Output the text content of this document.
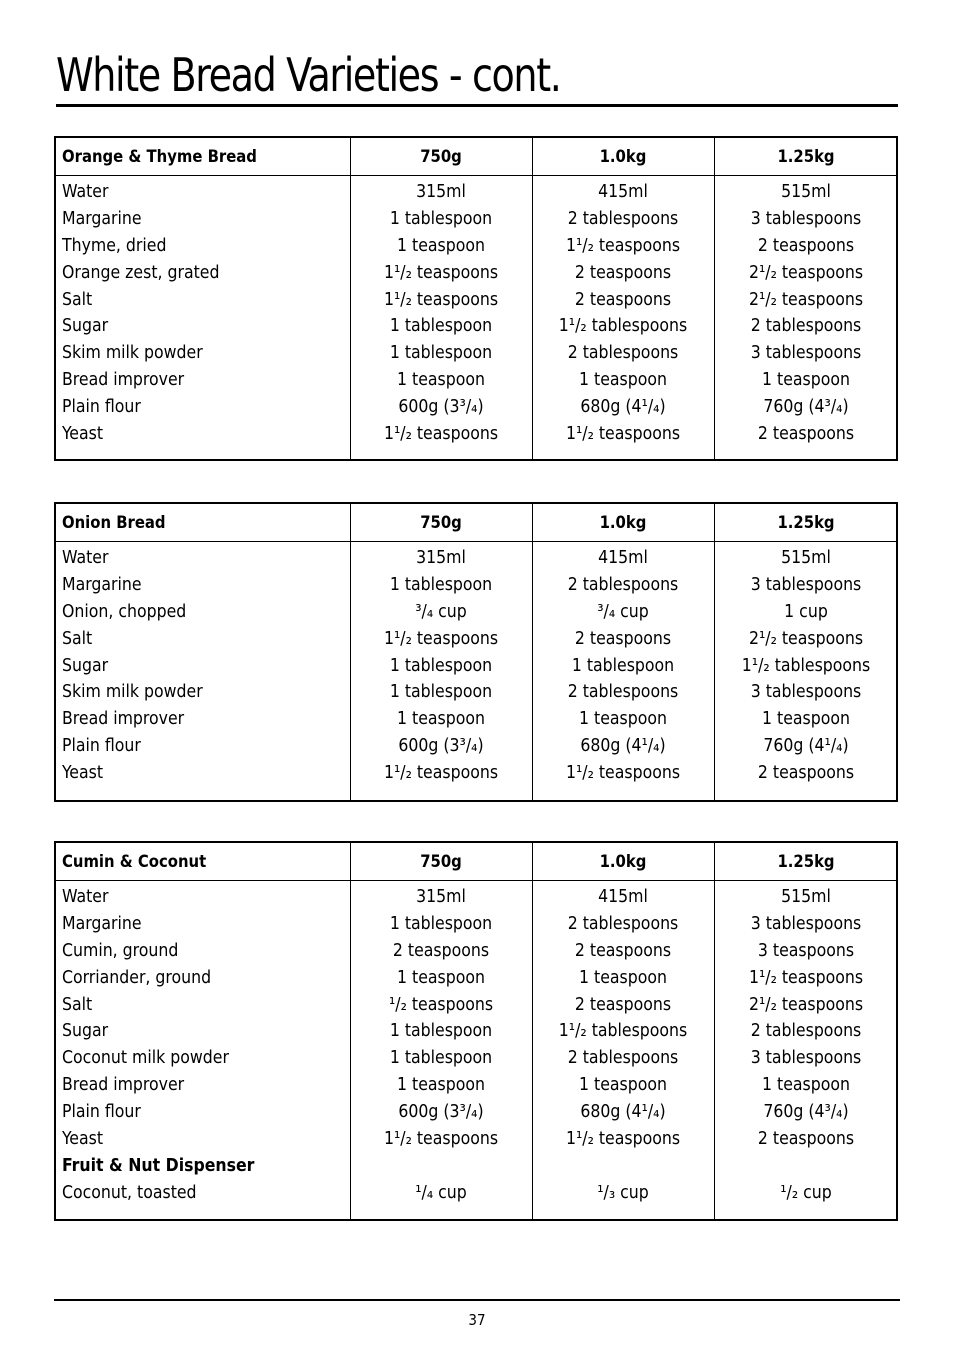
White Bread Varieties - cont.
Orange & Thyme Bread	750g	1.0kg	1.25kg
Water	315ml	415ml	515ml
Margarine	1 tablespoon	2 tablespoons	3 tablespoons
Thyme, dried	1 teaspoon	1¹/₂ teaspoons	2 teaspoons
Orange zest, grated	1¹/₂ teaspoons	2 teaspoons	2¹/₂ teaspoons
Salt	1¹/₂ teaspoons	2 teaspoons	2¹/₂ teaspoons
Sugar	1 tablespoon	1¹/₂ tablespoons	2 tablespoons
Skim milk powder	1 tablespoon	2 tablespoons	3 tablespoons
Bread improver	1 teaspoon	1 teaspoon	1 teaspoon
Plain flour	600g (3³/₄)	680g (4¹/₄)	760g (4³/₄)
Yeast	1¹/₂ teaspoons	1¹/₂ teaspoons	2 teaspoons
Onion Bread	750g	1.0kg	1.25kg
Water	315ml	415ml	515ml
Margarine	1 tablespoon	2 tablespoons	3 tablespoons
Onion, chopped	³/₄ cup	³/₄ cup	1 cup
Salt	1¹/₂ teaspoons	2 teaspoons	2¹/₂ teaspoons
Sugar	1 tablespoon	1 tablespoon	1¹/₂ tablespoons
Skim milk powder	1 tablespoon	2 tablespoons	3 tablespoons
Bread improver	1 teaspoon	1 teaspoon	1 teaspoon
Plain flour	600g (3³/₄)	680g (4¹/₄)	760g (4¹/₄)
Yeast	1¹/₂ teaspoons	1¹/₂ teaspoons	2 teaspoons
Cumin & Coconut	750g	1.0kg	1.25kg
Water	315ml	415ml	515ml
Margarine	1 tablespoon	2 tablespoons	3 tablespoons
Cumin, ground	2 teaspoons	2 teaspoons	3 teaspoons
Corriander, ground	1 teaspoon	1 teaspoon	1¹/₂ teaspoons
Salt	¹/₂ teaspoons	2 teaspoons	2¹/₂ teaspoons
Sugar	1 tablespoon	1¹/₂ tablespoons	2 tablespoons
Coconut milk powder	1 tablespoon	2 tablespoons	3 tablespoons
Bread improver	1 teaspoon	1 teaspoon	1 teaspoon
Plain flour	600g (3³/₄)	680g (4¹/₄)	760g (4³/₄)
Yeast	1¹/₂ teaspoons	1¹/₂ teaspoons	2 teaspoons
Fruit & Nut Dispenser
Coconut, toasted	¹/₄ cup	¹/₃ cup	¹/₂ cup
37
